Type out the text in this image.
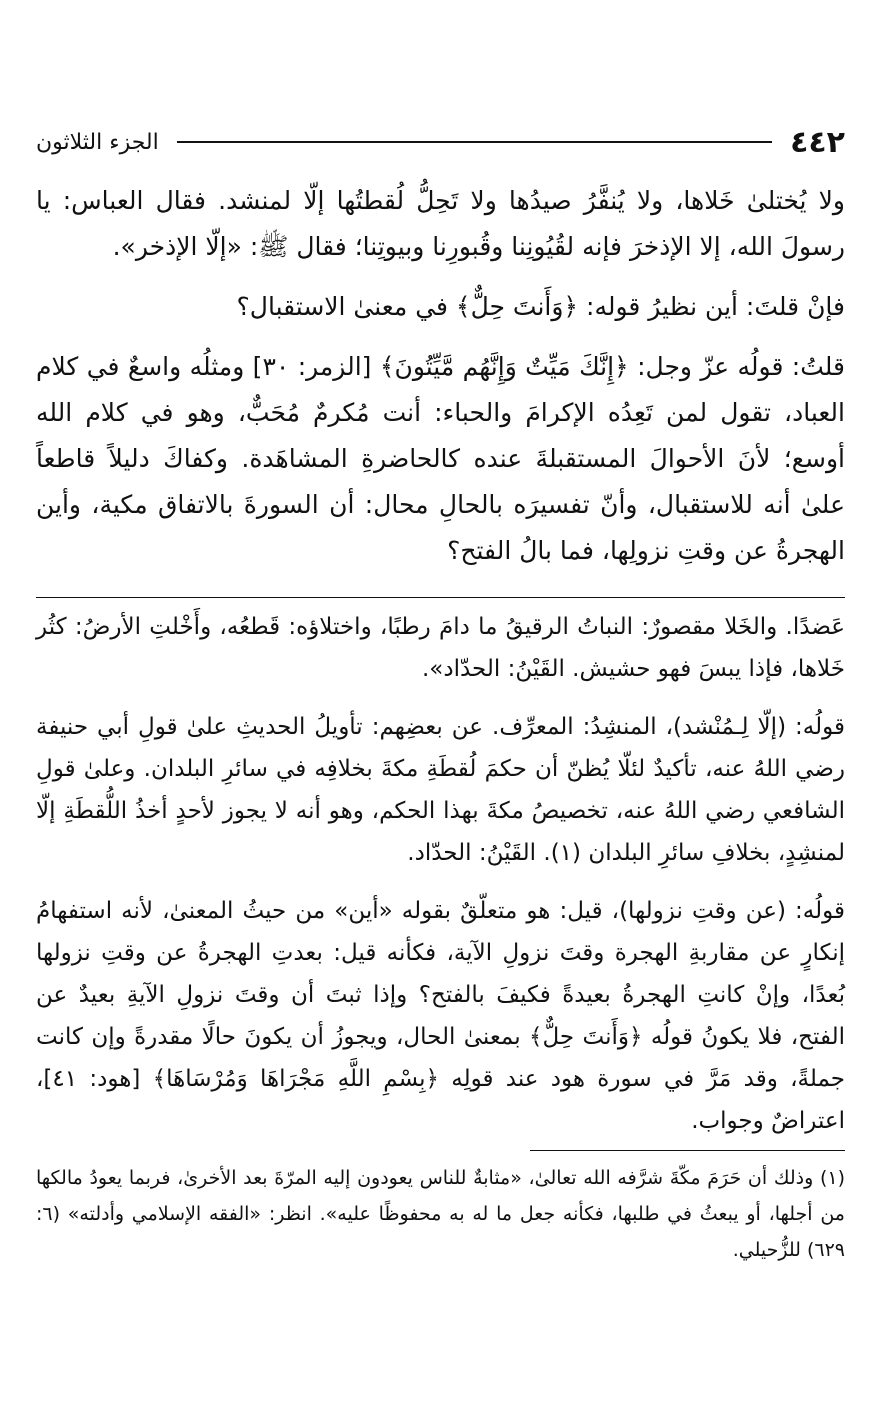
٤٤٢
الجزء الثلاثون

ولا يُختلىٰ خَلاها، ولا يُنفَّرُ صيدُها ولا تَحِلُّ لُقطتُها إلّا لمنشد. فقال العباس: يا رسولَ الله، إلا الإذخرَ فإنه لقُيُونِنا وقُبورِنا وبيوتِنا؛ فقال ﷺ: «إلّا الإذخر».

فإنْ قلتَ: أين نظيرُ قوله: ﴿وَأَنتَ حِلٌّ﴾ في معنىٰ الاستقبال؟

قلتُ: قولُه عزّ وجل: ﴿إِنَّكَ مَيِّتٌ وَإِنَّهُم مَّيِّتُونَ﴾ [الزمر: ٣٠] ومثلُه واسعٌ في كلام العباد، تقول لمن تَعِدُه الإكرامَ والحباء: أنت مُكرمٌ مُحَبٌّ، وهو في كلام الله أوسع؛ لأنَ الأحوالَ المستقبلةَ عنده كالحاضرةِ المشاهَدة. وكفاكَ دليلاً قاطعاً علىٰ أنه للاستقبال، وأنّ تفسيرَه بالحالِ محال: أن السورةَ بالاتفاق مكية، وأين الهجرةُ عن وقتِ نزولِها، فما بالُ الفتح؟

عَضدًا. والخَلا مقصورٌ: النباتُ الرقيقُ ما دامَ رطبًا، واختلاؤه: قَطعُه، وأَخْلتِ الأرضُ: كثُر خَلاها، فإذا يبسَ فهو حشيش. القَيْنُ: الحدّاد».

قولُه: (إلّا لِـمُنْشد)، المنشِدُ: المعرِّف. عن بعضِهم: تأويلُ الحديثِ علىٰ قولِ أبي حنيفة رضي اللهُ عنه، تأكيدٌ لئلّا يُظنّ أن حكمَ لُقطَةِ مكةَ بخلافِه في سائرِ البلدان. وعلىٰ قولِ الشافعي رضي اللهُ عنه، تخصيصُ مكةَ بهذا الحكم، وهو أنه لا يجوز لأحدٍ أخذُ اللُّقطَةِ إلّا لمنشِدٍ، بخلافِ سائرِ البلدان (١). القَيْنُ: الحدّاد.

قولُه: (عن وقتِ نزولها)، قيل: هو متعلّقٌ بقوله «أين» من حيثُ المعنىٰ، لأنه استفهامُ إنكارٍ عن مقاربةِ الهجرة وقتَ نزولِ الآية، فكأنه قيل: بعدتِ الهجرةُ عن وقتِ نزولها بُعدًا، وإنْ كانتِ الهجرةُ بعيدةً فكيفَ بالفتح؟ وإذا ثبتَ أن وقتَ نزولِ الآيةِ بعيدٌ عن الفتح، فلا يكونُ قولُه ﴿وَأَنتَ حِلٌّ﴾ بمعنىٰ الحال، ويجوزُ أن يكونَ حالًا مقدرةً وإن كانت جملةً، وقد مَرَّ في سورة هود عند قولِه ﴿بِسْمِ اللَّهِ مَجْرَاهَا وَمُرْسَاهَا﴾ [هود: ٤١]، اعتراضٌ وجواب.

(١) وذلك أن حَرَمَ مكّةَ شرَّفه الله تعالىٰ، «مثابةٌ للناس يعودون إليه المرّةَ بعد الأخرىٰ، فربما يعودُ مالكها من أجلها، أو يبعثُ في طلبها، فكأنه جعل ما له به محفوظًا عليه». انظر: «الفقه الإسلامي وأدلته» (٦: ٦٢٩) للزُّحيلي.
